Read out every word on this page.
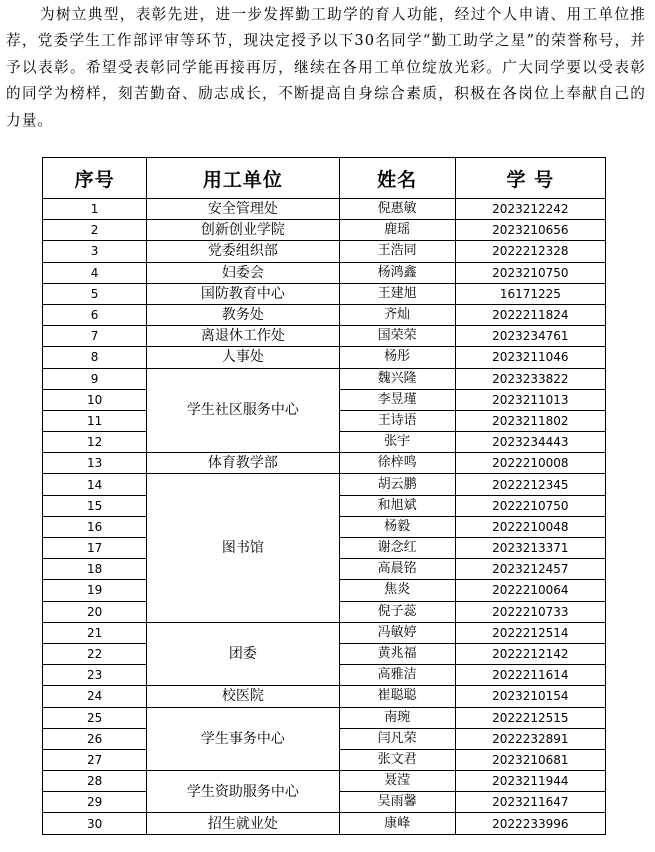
为树立典型，表彰先进，进一步发挥勤工助学的育人功能，经过个人申请、用工单位推荐，党委学生工作部评审等环节，现决定授予以下30名同学“勤工助学之星”的荣誉称号，并予以表彰。希望受表彰同学能再接再厉，继续在各用工单位绽放光彩。广大同学要以受表彰的同学为榜样，刻苦勤奋、励志成长，不断提高自身综合素质，积极在各岗位上奉献自己的力量。

序号	用工单位	姓名	学 号
1	安全管理处	倪惠敏	2023212242
2	创新创业学院	鹿瑶	2023210656
3	党委组织部	王浩同	2022212328
4	妇委会	杨鸿鑫	2023210750
5	国防教育中心	王建旭	16171225
6	教务处	齐灿	2022211824
7	离退休工作处	国荣荣	2023234761
8	人事处	杨彤	2023211046
9	学生社区服务中心	魏兴隆	2023233822
10		李昱瑾	2023211013
11		王诗语	2023211802
12		张宇	2023234443
13	体育教学部	徐梓鸣	2022210008
14	图书馆	胡云鹏	2022212345
15		和旭斌	2022210750
16		杨毅	2022210048
17		谢念红	2023213371
18		高晨铭	2023212457
19		焦炎	2022210064
20		倪子蕊	2022210733
21	团委	冯敏婷	2022212514
22		黄兆福	2022212142
23		高雅洁	2022211614
24	校医院	崔聪聪	2023210154
25	学生事务中心	南琬	2022212515
26		闫凡荣	2022232891
27		张文君	2023210681
28	学生资助服务中心	聂滢	2023211944
29		吴雨馨	2023211647
30	招生就业处	康峰	2022233996
